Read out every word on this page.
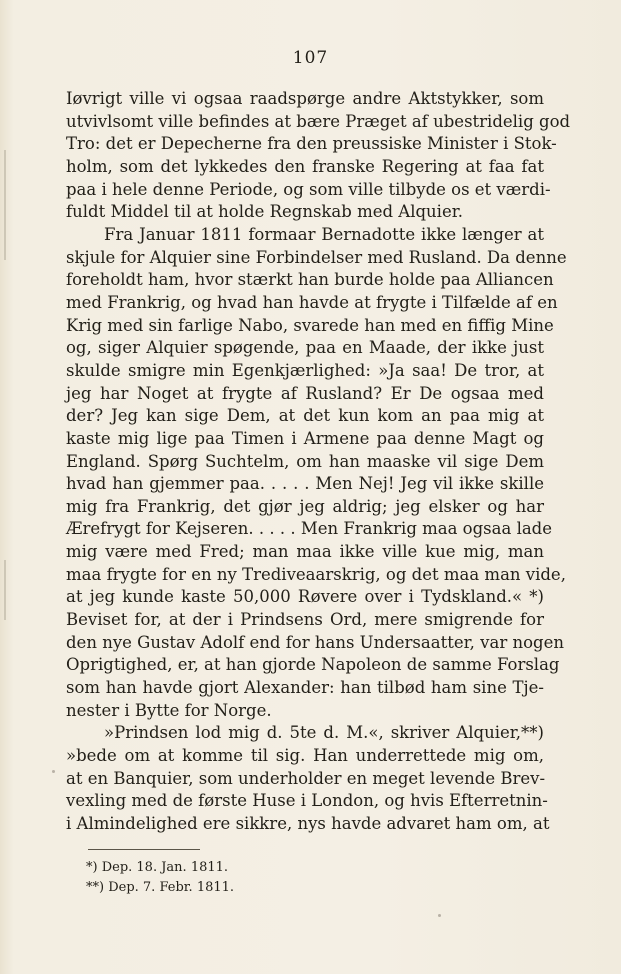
107
Iøvrigt ville vi ogsaa raadspørge andre Aktstykker, som
utvivlsomt ville befindes at bære Præget af ubestridelig god
Tro: det er Depecherne fra den preussiske Minister i Stok-
holm, som det lykkedes den franske Regering at faa fat
paa i hele denne Periode, og som ville tilbyde os et værdi-
fuldt Middel til at holde Regnskab med Alquier.
Fra Januar 1811 formaar Bernadotte ikke længer at
skjule for Alquier sine Forbindelser med Rusland. Da denne
foreholdt ham, hvor stærkt han burde holde paa Alliancen
med Frankrig, og hvad han havde at frygte i Tilfælde af en
Krig med sin farlige Nabo, svarede han med en fiffig Mine
og, siger Alquier spøgende, paa en Maade, der ikke just
skulde smigre min Egenkjærlighed: »Ja saa! De tror, at
jeg har Noget at frygte af Rusland? Er De ogsaa med
der? Jeg kan sige Dem, at det kun kom an paa mig at
kaste mig lige paa Timen i Armene paa denne Magt og
England. Spørg Suchtelm, om han maaske vil sige Dem
hvad han gjemmer paa. . . . . Men Nej! Jeg vil ikke skille
mig fra Frankrig, det gjør jeg aldrig; jeg elsker og har
Ærefrygt for Kejseren. . . . . Men Frankrig maa ogsaa lade
mig være med Fred; man maa ikke ville kue mig, man
maa frygte for en ny Trediveaarskrig, og det maa man vide,
at jeg kunde kaste 50,000 Røvere over i Tydskland.« *)
Beviset for, at der i Prindsens Ord, mere smigrende for
den nye Gustav Adolf end for hans Undersaatter, var nogen
Oprigtighed, er, at han gjorde Napoleon de samme Forslag
som han havde gjort Alexander: han tilbød ham sine Tje-
nester i Bytte for Norge.
»Prindsen lod mig d. 5te d. M.«, skriver Alquier,**)
»bede om at komme til sig. Han underrettede mig om,
at en Banquier, som underholder en meget levende Brev-
vexling med de første Huse i London, og hvis Efterretnin-
i Almindelighed ere sikkre, nys havde advaret ham om, at
*) Dep. 18. Jan. 1811.
**) Dep. 7. Febr. 1811.
